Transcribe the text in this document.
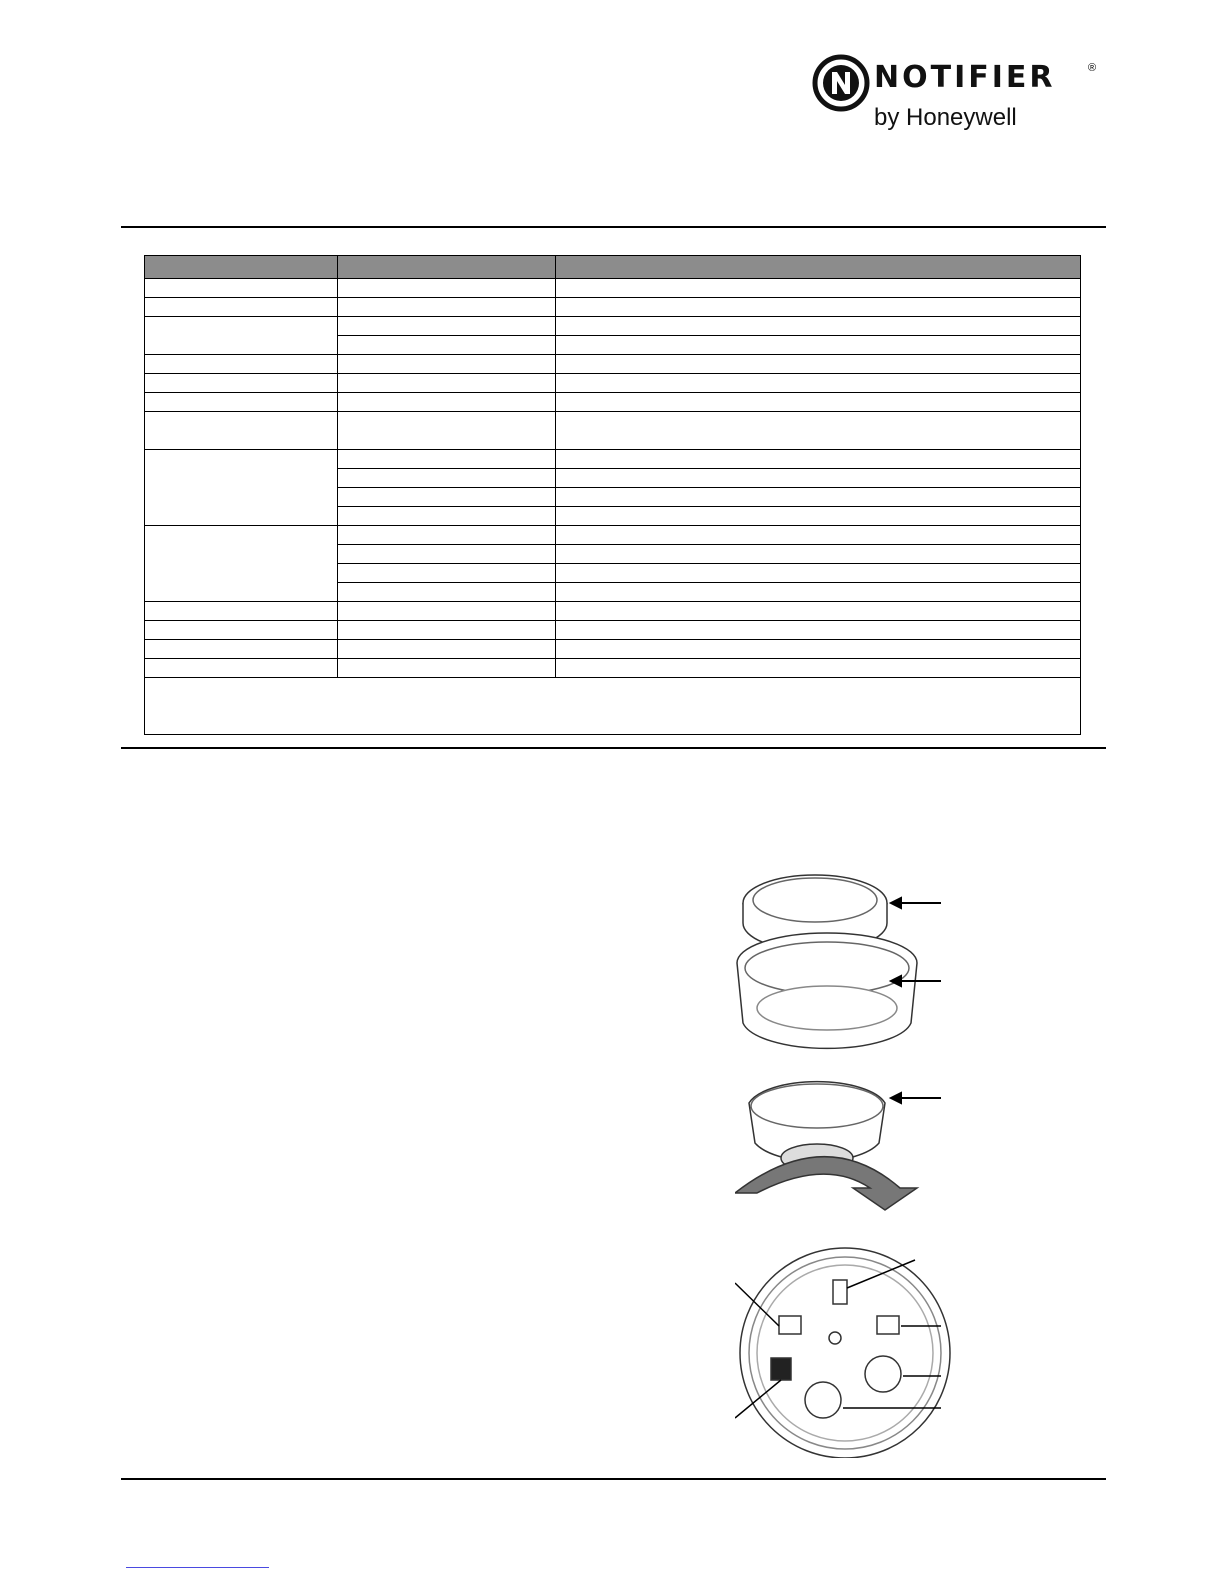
NOTIFIER	®
by Honeywell
